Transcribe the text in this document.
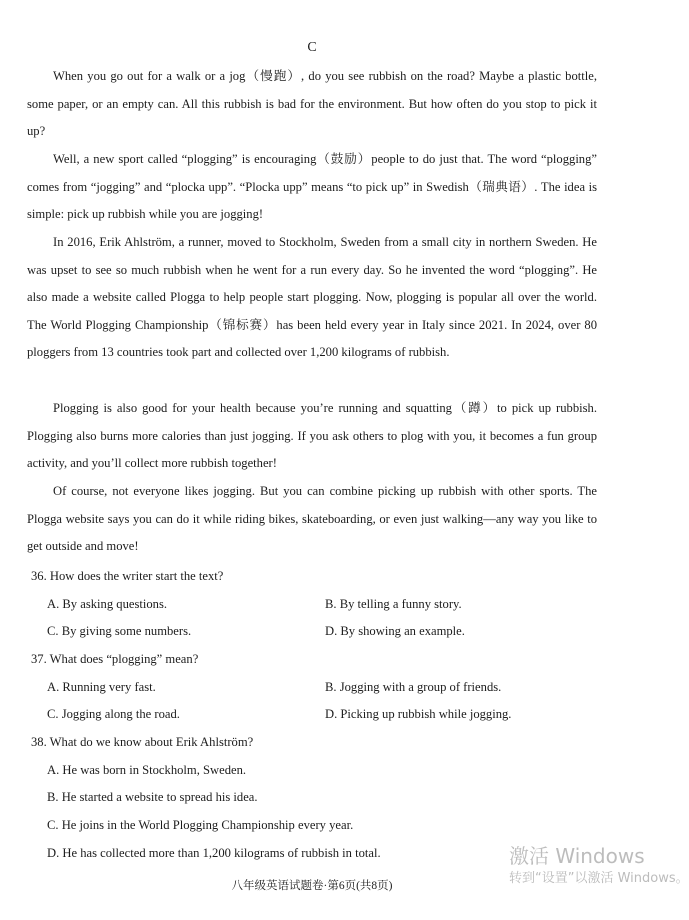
C
When you go out for a walk or a jog（慢跑）, do you see rubbish on the road? Maybe a plastic bottle, some paper, or an empty can. All this rubbish is bad for the environment. But how often do you stop to pick it up?
Well, a new sport called “plogging” is encouraging（鼓励）people to do just that. The word “plogging” comes from “jogging” and “plocka upp”. “Plocka upp” means “to pick up” in Swedish（瑞典语）. The idea is simple: pick up rubbish while you are jogging!
In 2016, Erik Ahlström, a runner, moved to Stockholm, Sweden from a small city in northern Sweden. He was upset to see so much rubbish when he went for a run every day. So he invented the word “plogging”. He also made a website called Plogga to help people start plogging. Now, plogging is popular all over the world. The World Plogging Championship（锦标赛）has been held every year in Italy since 2021. In 2024, over 80 ploggers from 13 countries took part and collected over 1,200 kilograms of rubbish.
Plogging is also good for your health because you’re running and squatting（蹲）to pick up rubbish. Plogging also burns more calories than just jogging. If you ask others to plog with you, it becomes a fun group activity, and you’ll collect more rubbish together!
Of course, not everyone likes jogging. But you can combine picking up rubbish with other sports. The Plogga website says you can do it while riding bikes, skateboarding, or even just walking—any way you like to get outside and move!
36. How does the writer start the text?
A. By asking questions.	B. By telling a funny story.
C. By giving some numbers.	D. By showing an example.
37. What does “plogging” mean?
A. Running very fast.	B. Jogging with a group of friends.
C. Jogging along the road.	D. Picking up rubbish while jogging.
38. What do we know about Erik Ahlström?
A. He was born in Stockholm, Sweden.
B. He started a website to spread his idea.
C. He joins in the World Plogging Championship every year.
D. He has collected more than 1,200 kilograms of rubbish in total.
八年级英语试题卷·第6页(共8页)
激活 Windows
转到“设置”以激活 Windows。
